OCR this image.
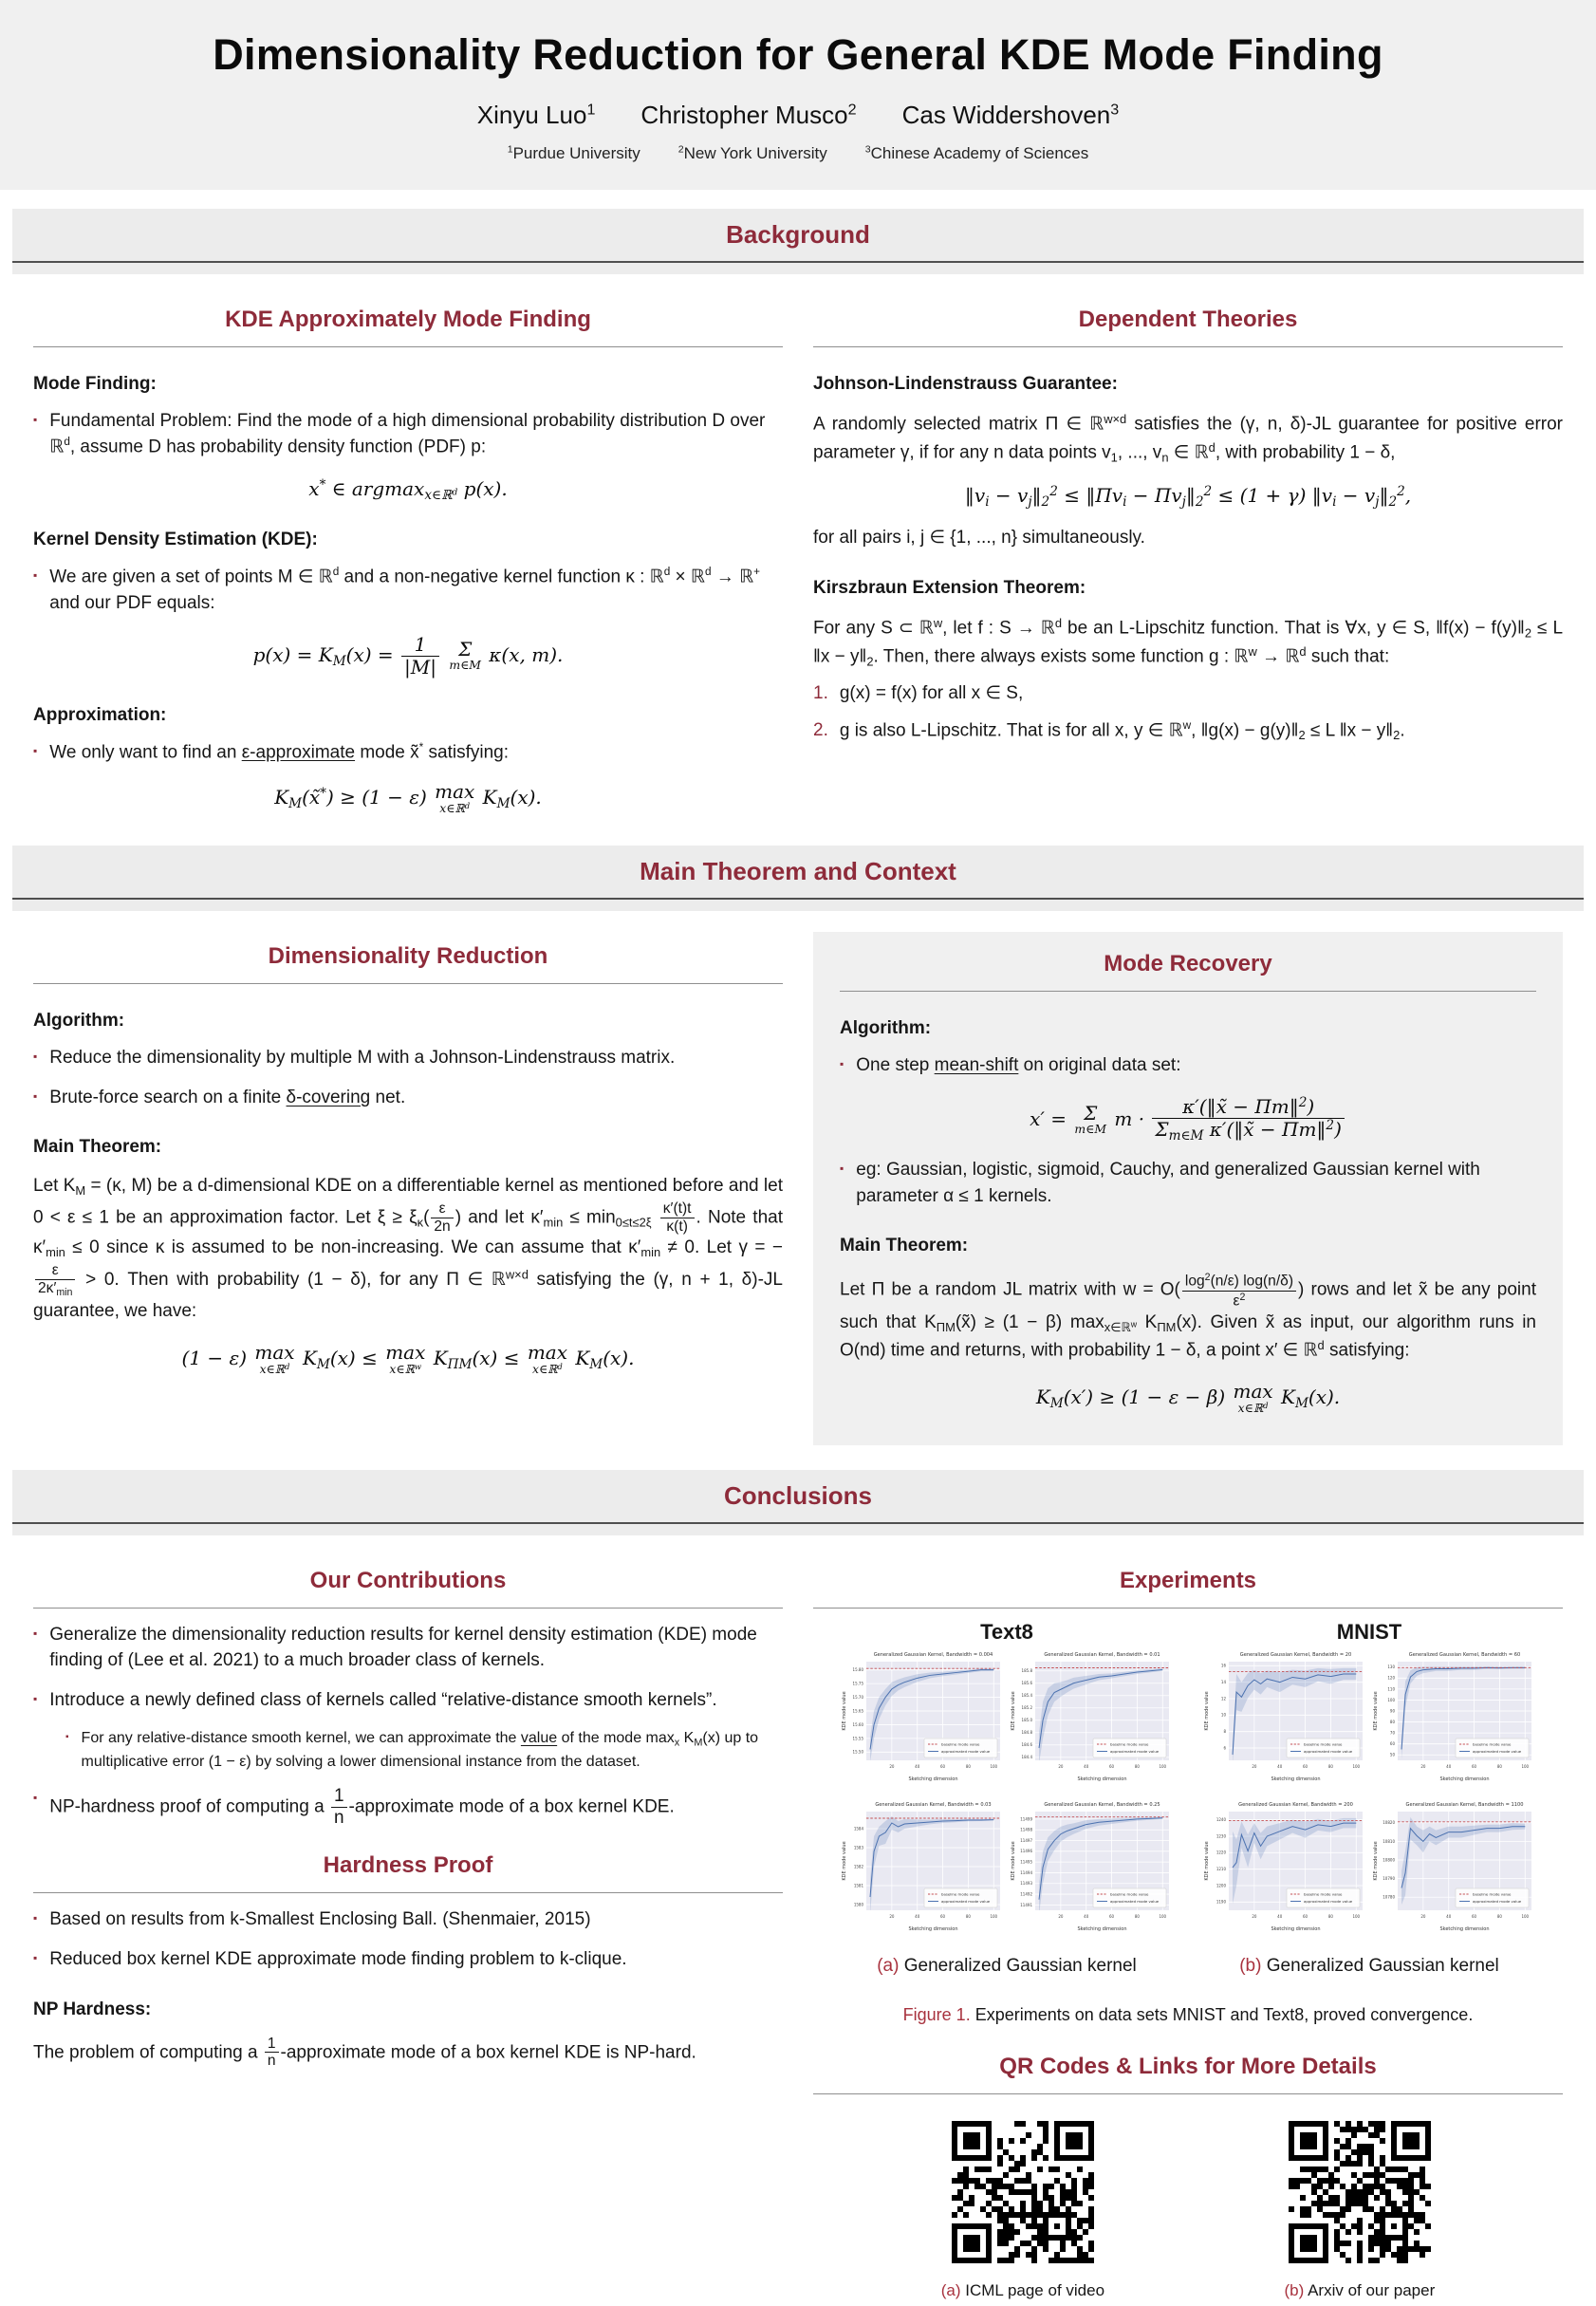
Dimensionality Reduction for General KDE Mode Finding
Xinyu Luo$^1$ Christopher Musco$^2$ Cas Widdershoven$^3$
$^1$Purdue University	$^2$New York University	$^3$Chinese Academy of Sciences
Background
KDE Approximately Mode Finding
Mode Finding:
▪ Fundamental Problem: Find the mode of a high dimensional probability distribution D over ℝ$^d$, assume D has probability density function (PDF) p:
x* ∈ argmax$_{x\in ℝ^d}$ p(x).
Kernel Density Estimation (KDE):
▪ We are given a set of points M ∈ ℝ$^d$ and a non-negative kernel function κ : ℝ$^d$ × ℝ$^d$ → ℝ+ and our PDF equals:
$p(x) = K_M(x) = \frac{1}{|M|}$
Σ
m∈M κ(x, m).
Approximation:
▪ We only want to find an ε-approximate mode x̃* satisfying:
$K_M(x̃^*) \ge (1 - \varepsilon)$ max
x∈ℝ$^d$ $K_M(x)$.
Dependent Theories
Johnson-Lindenstrauss Guarantee:
A randomly selected matrix Π ∈ ℝ$^{w\times d}$ satisfies the (γ, n, δ)-JL guarantee for positive error parameter γ, if for any n data points $v_1$, ..., $v_n$ ∈ ℝ$^d$, with probability 1 − δ,
$‖v_i$ − $v_j‖_2^2$ ≤ $‖\Pi v_i$ − $\Pi v_j‖_2^2 \le (1 + \gamma)$ $‖v_i$ − $v_j‖_2^2$,
for all pairs i, j ∈ {1, ..., n} simultaneously.
Kirszbraun Extension Theorem:
For any S ⊂ ℝ$^w$, let f : S → ℝ$^d$ be an L-Lipschitz function. That is ∀x, y ∈ S, ‖f(x) − $f(y)‖_2 \le L$ ‖x − $y‖_2$. Then, there always exists some function g : ℝ$^w$ → ℝ$^d$ such that:
1. g(x) = f(x) for all x ∈ S,
2. g is also L-Lipschitz. That is for all x, y ∈ ℝ$^w$, ‖g(x) − $g(y)‖_2 \le L$ ‖x − $y‖_2$.
Main Theorem and Context
Dimensionality Reduction
Algorithm:
▪ Reduce the dimensionality by multiple M with a Johnson-Lindenstrauss matrix.
▪ Brute-force search on a finite δ-covering net.
Main Theorem:
Let $K_M = (\kappa$, M) be a d-dimensional KDE on a differentiable kernel as mentioned before and let 0 < ε ≤ 1 be an approximation factor. Let $\xi \ge \xi_\kappa( \frac{\varepsilon}{2n}$ ) and let $\kappa'_{min} \le \min_{0\le t\le 2\xi} \frac{\kappa'(t)t}{\kappa(t)}$ . Note that $\kappa'_{min} \le 0$ since κ is assumed to be non-increasing. We can assume that $\kappa'_{min} \ne 0$. Let γ = −
$\frac{\varepsilon}{2\kappa'_{min}} > 0$. Then with probability (1 − δ), for any Π ∈ ℝ$^{w\times d}$ satisfying the (γ, n + 1, δ)-JL guarantee, we have:
(1 − ε) max
x∈ℝ$^d$ $K_M(x) \le \max$
x∈ℝ$^w$ $K_{\Pi M}(x) \le \max$
x∈ℝ$^d$ $K_M(x)$.
Mode Recovery
Algorithm:
▪ One step mean-shift on original data set:
x′ = Σ
m∈M $m \cdot \frac{\kappa'(‖x̃ - \Pi m‖^2)}{\Sigma_{m\in M} \kappa'(‖x̃ - \Pi m‖^2)}$
▪ eg: Gaussian, logistic, sigmoid, Cauchy, and generalized Gaussian kernel with parameter α ≤ 1 kernels.
Main Theorem:
Let Π be a random JL matrix with $w = O( \frac{\log^2(n/\varepsilon) \log(n/\delta)}{\varepsilon^2}$ ) rows and let x̃ be any point such that $K_{\Pi M}(x̃) \ge (1 - \beta)$ $\max_{x\in ℝ^w} K_{\Pi M}(x)$. Given x̃ as input, our algorithm runs in O(nd) time and returns, with probability 1 − δ, a point x′ ∈ ℝ$^d$ satisfying:
$K_M(x') \ge (1 - \varepsilon - \beta)$ max
x∈ℝ$^d$ $K_M(x)$.
Conclusions
Our Contributions
▪ Generalize the dimensionality reduction results for kernel density estimation (KDE) mode finding of (Lee et al. 2021) to a much broader class of kernels.
▪ Introduce a newly defined class of kernels called “relative-distance smooth kernels”.
▪ For any relative-distance smooth kernel, we can approximate the value of the mode $\max_x K_M(x)$ up to multiplicative error (1 − ε) by solving a lower dimensional instance from the dataset.
▪ NP-hardness proof of computing a $\frac{1}{n}$ -approximate mode of a box kernel KDE.
Hardness Proof
▪ Based on results from k-Smallest Enclosing Ball. (Shenmaier, 2015)
▪ Reduced box kernel KDE approximate mode finding problem to k-clique.
NP Hardness:
The problem of computing a $\frac{1}{n}$ -approximate mode of a box kernel KDE is NP-hard.
Experiments
Text8
15.50
15.55
15.60
15.65
15.70
15.75
15.80
20	40	60	80	100
Generalized Gaussian Kernel, Bandwidth = 0.004
Sketching dimension
KDE mode value
baseline mode value
approximated mode value
184.4
184.6
184.8
185.0
185.2
185.4
185.6
185.8
20	40	60	80	100
Generalized Gaussian Kernel, Bandwidth = 0.01
Sketching dimension
KDE mode value
baseline mode value
approximated mode value
1580
1581
1582
1583
1584
20	40	60	80	100
Generalized Gaussian Kernel, Bandwidth = 0.03
Sketching dimension
KDE mode value
baseline mode value
approximated mode value
11491
11492
11493
11494
11495
11496
11497
11498
11499
20	40	60	80	100
Generalized Gaussian Kernel, Bandwidth = 0.25
Sketching dimension
KDE mode value
baseline mode value
approximated mode value
(a) Generalized Gaussian kernel
MNIST
6
8
10
12
14
16
20	40	60	80	100
Generalized Gaussian Kernel, Bandwidth = 20
Sketching dimension
KDE mode value
baseline mode value
approximated mode value
50
60
70
80
90
100
110
120
130
20	40	60	80	100
Generalized Gaussian Kernel, Bandwidth = 60
Sketching dimension
KDE mode value
baseline mode value
approximated mode value
1190
1200
1210
1220
1230
1240
20	40	60	80	100
Generalized Gaussian Kernel, Bandwidth = 200
Sketching dimension
KDE mode value
baseline mode value
approximated mode value
10780
10790
10800
10810
10820
20	40	60	80	100
Generalized Gaussian Kernel, Bandwidth = 1100
Sketching dimension
KDE mode value
baseline mode value
approximated mode value
(b) Generalized Gaussian kernel
Figure 1. Experiments on data sets MNIST and Text8, proved convergence.
QR Codes & Links for More Details
(a) ICML page of video	(b) Arxiv of our paper
